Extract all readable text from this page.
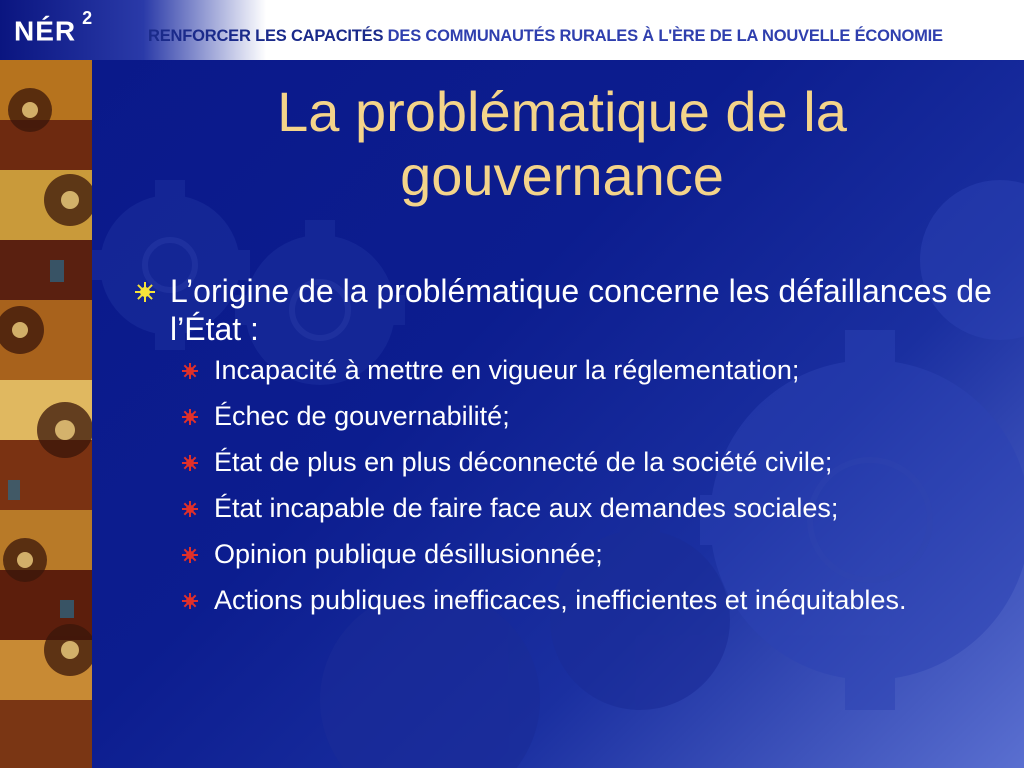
NÉR $^2$
RENFORCER LES CAPACITÉS DES COMMUNAUTÉS RURALES À L'ÈRE DE LA NOUVELLE ÉCONOMIE
La problématique de la
gouvernance
L’origine de la problématique concerne les défaillances de l’État :
Incapacité à mettre en vigueur la réglementation;
Échec de gouvernabilité;
État de plus en plus déconnecté de la société civile;
État incapable de faire face aux demandes sociales;
Opinion publique désillusionnée;
Actions publiques inefficaces, inefficientes et inéquitables.
